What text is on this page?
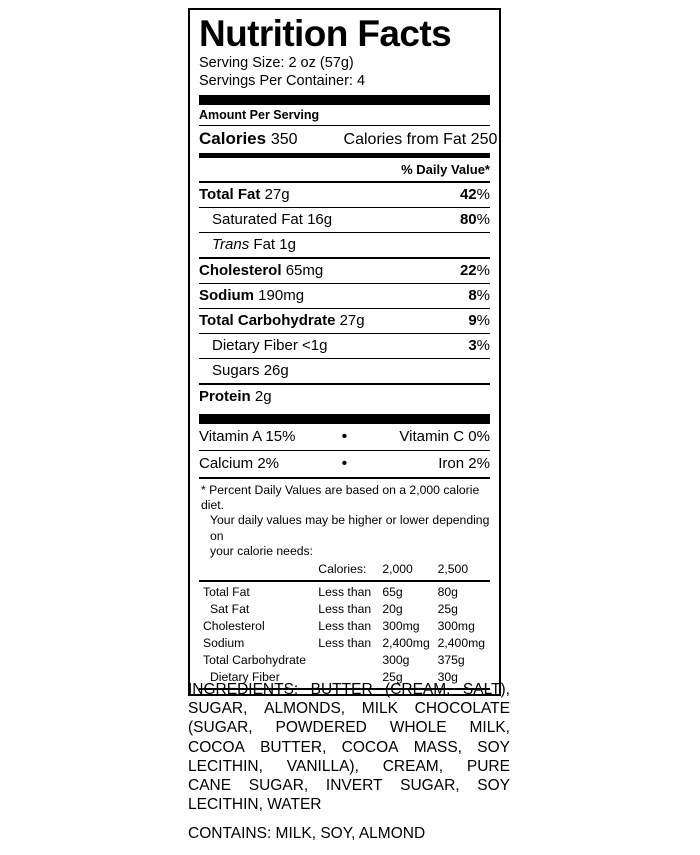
Nutrition Facts
Serving Size: 2 oz (57g)
Servings Per Container: 4
Amount Per Serving
Calories 350	Calories from Fat 250
% Daily Value*
Total Fat 27g	42%
Saturated Fat 16g	80%
Trans Fat 1g
Cholesterol 65mg	22%
Sodium 190mg	8%
Total Carbohydrate 27g	9%
Dietary Fiber <1g	3%
Sugars 26g
Protein 2g
Vitamin A 15%	•	Vitamin C 0%
Calcium 2%	•	Iron 2%
* Percent Daily Values are based on a 2,000 calorie diet.
Your daily values may be higher or lower depending on
your calorie needs:
	Calories:	2,000	2,500
Total Fat	Less than	65g	80g
Sat Fat	Less than	20g	25g
Cholesterol	Less than	300mg	300mg
Sodium	Less than	2,400mg	2,400mg
Total Carbohydrate		300g	375g
Dietary Fiber		25g	30g

INGREDIENTS: BUTTER (CREAM, SALT),

SUGAR, ALMONDS, MILK CHOCOLATE

(SUGAR, POWDERED WHOLE MILK,

COCOA BUTTER, COCOA MASS, SOY

LECITHIN, VANILLA), CREAM, PURE

CANE SUGAR, INVERT SUGAR, SOY

LECITHIN, WATER

CONTAINS: MILK, SOY, ALMOND
